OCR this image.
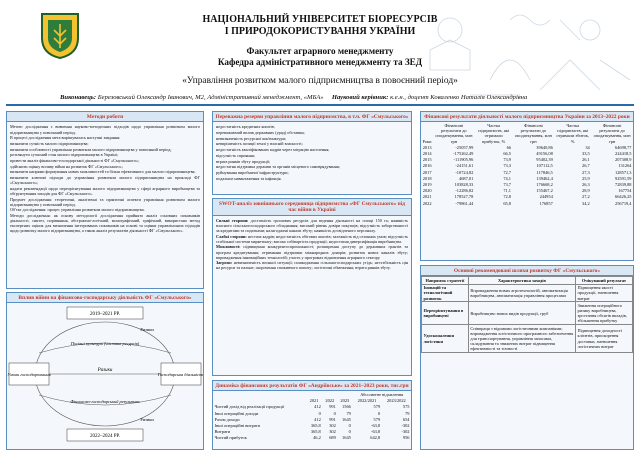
НАЦІОНАЛЬНИЙ УНІВЕРСИТЕТ БІОРЕСУРСІВ
І ПРИРОДОКОРИСТУВАННЯ УКРАЇНИ
Факультет аграрного менеджменту
Кафедра адміністративного менеджменту та ЗЕД
«Управління розвитком малого підприємництва в повоєнний період»
Виконавець: Березовський Олександр Іванович, М2, Адміністративний менеджмент, «МБА» Науковий керівник: к.е.н., доцент Коваленко Наталія Олександрівна
Методи роботи

Метою дослідження є вивчення науково-методичних підходів щодо управління розвитком малого підприємництва у повоєнний період.

В процесі дослідження мета вирішувалась наступні завдання:

визначити сутність малого підприємництва;

визначити особливості управління розвитком малого підприємництва у повоєнний період;

розглянути сучасний стан малого підприємництва в Україні;

провести аналіз фінансово-господарської діяльності ФГ «Смульського»;

здійснити оцінку впливу війни на розвиток ФГ «Смульського»;

визначити напрями формування нових можливостей та більш ефективного для малого підприємництва;

визначити ключові підходи до управління розвитком малого підприємництва на прикладі ФГ «Смульського»;

надати рекомендації щодо переорієнтування малого підприємництва у сфері аграрного виробництва та обґрунтування заходів для ФГ «Смульського».

Предмет дослідження: теоретичні, аналітичні та практичні аспекти управління розвитком малого підприємництва у повоєнний період.

Об'єкт дослідження: процес управління розвитком малого підприємництва.

Методи дослідження: як основу методології дослідження прийнято аналіз основних показників діяльності, синтез, порівняння, абстрактно-логічний, монографічний, графічний, використано метод експертних оцінок для визначення інтегрованих показників на основі та оцінки управлінських підходів щодо розвитку малого підприємництва, а також аналіз результатів діяльності ФГ «Смульського».

Вплив війни на фінансово-господарську діяльність ФГ «Смульського»
2019–2021 РР.
2022–2024 РР.
Умови господарювання	Господарська діяльність
Посівні культури (частина ресурсів)
Ризики
Фінансово-господарський результат
Ризики
Ризики
Переважна резерви управління малого підприємства, в т.ч. ФГ «Смульського»

недостатність кредитних коштів;

переважаючий вплив державних (уряд) обставин;

невизначеність ресурсної кон'юнктури;

невирішеність позиції землі у власній власності;

недостатність кваліфікованих кадрів через міграцію населення;

відсутність сприяння;

втрата ринків збуту продукції;

недостатня підтримка держави та органів місцевого самоврядування;

руйнування виробничої інфраструктури;

подальше навантаження та інфляція.

SWOT-аналіз зовнішнього середовища підприємства «ФГ Смульського» під час війни в Україні

Сильні сторони: достатність грошових ресурсів для ведення діяльності на площі 150 га; наявність власного сільськогосподарського обладнання; високий рівень довіри покупців; відсутність заборгованості за кредитами та податками; налагоджені канали збуту; наявність досвідченого персоналу.

Слабкі сторони: нестача кадрів; недостатність обігових коштів; залежність від сезонних умов; відсутність стабільної системи маркетингу; висока собівартість продукції; недостатня диверсифікація виробництва.

Можливості: підвищення конкурентоспроможності; розширення доступу до державних грантів та програм кредитування; отримання підтримки міжнародних донорів; розвиток нових каналів збуту; впровадження інноваційних технологій; участь у програмах відновлення аграрного сектору.

Загрози: невизначеність воєнної ситуації; пошкодження сільськогосподарських угідь; нестабільність цін на ресурси та пальне; скорочення споживчого попиту; логістичні обмеження; втрата ринків збуту.

Динаміка фінансових результатів ФГ «Андріївське» за 2021–2023 роки, тис.грн
	2021	2022	2023	Абсолютне відхилення	
				2022/2021	2023/2022
Чистий дохід від реалізації продукції	412	991	1566	579	575
Інші операційні доходи	0	0	79	0	79
Разом доходи	412	991	1645	579	654
Інші операційні витрати	365,8	302	0	-63,8	-302
Витрати	365,8	302	0	-63,8	-302
Чистий прибуток	46,2	689	1645	642,8	956
Фінансові результати діяльності малого підприємництва України за 2013–2022 роки
Роки	Фінансові результати до оподаткування, млн грн	Частка підприємств, які отримали прибуток, %	Фінансові результати до оподаткування, млн грн	Частка підприємств, які отримали збиток, %	Фінансові результати до оподаткування, млн грн
2013	-25057,99	66	39640,86	34	64698,77
2014	-175262,49	66,5	49156,08	33,5	224418,5
2015	-111905,96	73,9	95402,39	26,1	207308,9
2016	-24151,61	73,3	107112,5	26,7	131264
2017	-10724,82	72,7	117846,5	27,3	128571,3
2018	4687,01	74,1	139462,4	25,9	92591,59
2019	103828,33	73,7	176668,2	26,3	72839,88
2020	-12286,82	71,1	155467,2	28,9	167754
2021	178527,78	72,8	244954	27,2	66426,25
2022	-79861,44	65,8	176857	34,2	256719,4
Основні рекомендовані шляхи розвитку ФГ «Смульського»
Напрямок стратегії	Характеристика заходів	Очікуваний результат
Іновацій та технологічний розвиток	Впровадження нових агротехнологій, автоматизація виробництва, автоматизація управління процесами	Підвищення якості продукції, зменшення витрат
Переорієнтування в виробництві	Виробництво нових видів продукції, груб	Зниження операційного ризику виробництва, зростання обсягів вкладів, збільшення прибутку
Удосконалення логістики	Співпраця з відомими логістичними компаніями; впровадження логістичного програмного забезпечення для транспортування, управління запасами, складування та знижених витрат підвищення ефективності та точності	Підвищення доходності клієнтів, прискорення доставки, зменшення логістичних витрат
